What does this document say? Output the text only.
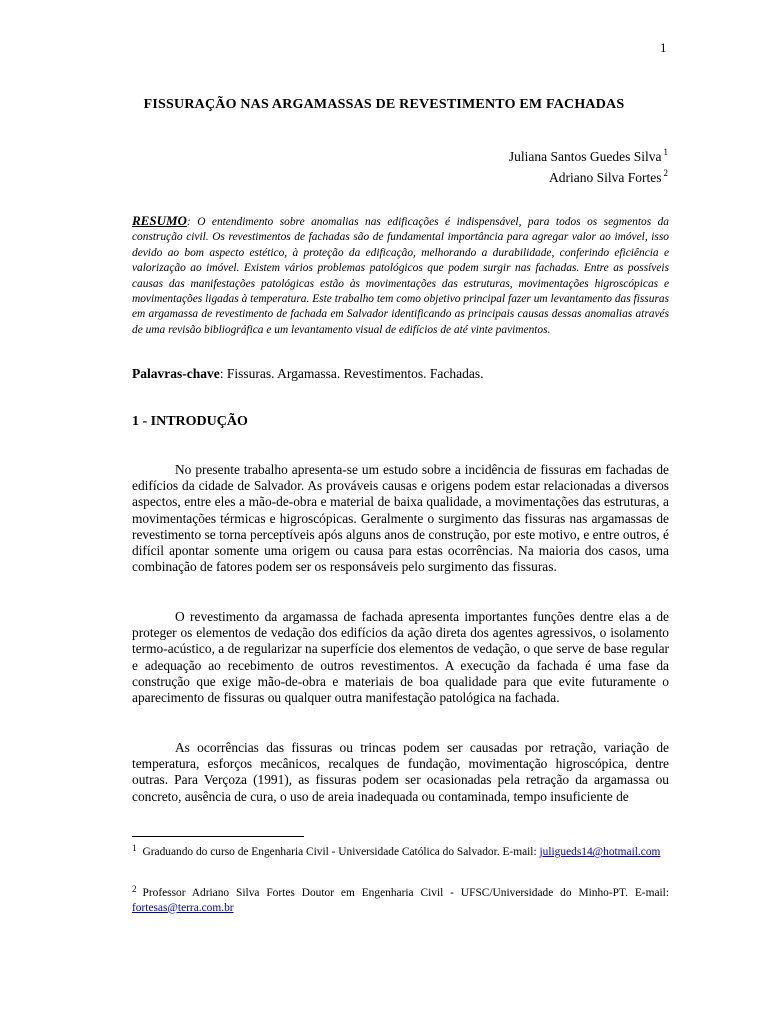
1
FISSURAÇÃO NAS ARGAMASSAS DE REVESTIMENTO EM FACHADAS
Juliana Santos Guedes Silva $^1$
Adriano Silva Fortes $^2$
RESUMO: O entendimento sobre anomalias nas edificações é indispensável, para todos os segmentos da construção civil. Os revestimentos de fachadas são de fundamental importância para agregar valor ao imóvel, isso devido ao bom aspecto estético, à proteção da edificação, melhorando a durabilidade, conferindo eficiência e valorização ao imóvel. Existem vários problemas patológicos que podem surgir nas fachadas. Entre as possíveis causas das manifestações patológicas estão às movimentações das estruturas, movimentações higroscópicas e movimentações ligadas à temperatura. Este trabalho tem como objetivo principal fazer um levantamento das fissuras em argamassa de revestimento de fachada em Salvador identificando as principais causas dessas anomalias através de uma revisão bibliográfica e um levantamento visual de edifícios de até vinte pavimentos.
Palavras-chave: Fissuras. Argamassa. Revestimentos. Fachadas.
1 - INTRODUÇÃO

No presente trabalho apresenta-se um estudo sobre a incidência de fissuras em fachadas de edifícios da cidade de Salvador. As prováveis causas e origens podem estar relacionadas a diversos aspectos, entre eles a mão-de-obra e material de baixa qualidade, a movimentações das estruturas, a movimentações térmicas e higroscópicas. Geralmente o surgimento das fissuras nas argamassas de revestimento se torna perceptíveis após alguns anos de construção, por este motivo, e entre outros, é difícil apontar somente uma origem ou causa para estas ocorrências. Na maioria dos casos, uma combinação de fatores podem ser os responsáveis pelo surgimento das fissuras.

O revestimento da argamassa de fachada apresenta importantes funções dentre elas a de proteger os elementos de vedação dos edifícios da ação direta dos agentes agressivos, o isolamento termo-acústico, a de regularizar na superfície dos elementos de vedação, o que serve de base regular e adequação ao recebimento de outros revestimentos. A execução da fachada é uma fase da construção que exige mão-de-obra e materiais de boa qualidade para que evite futuramente o aparecimento de fissuras ou qualquer outra manifestação patológica na fachada.

As ocorrências das fissuras ou trincas podem ser causadas por retração, variação de temperatura, esforços mecânicos, recalques de fundação, movimentação higroscópica, dentre outras. Para Verçoza (1991), as fissuras podem ser ocasionadas pela retração da argamassa ou concreto, ausência de cura, o uso de areia inadequada ou contaminada, tempo insuficiente de

$^1$ Graduando do curso de Engenharia Civil - Universidade Católica do Salvador. E-mail: juligueds14@hotmail.com
$^2$ Professor Adriano Silva Fortes Doutor em Engenharia Civil - UFSC/Universidade do Minho-PT. E-mail: fortesas@terra.com.br
